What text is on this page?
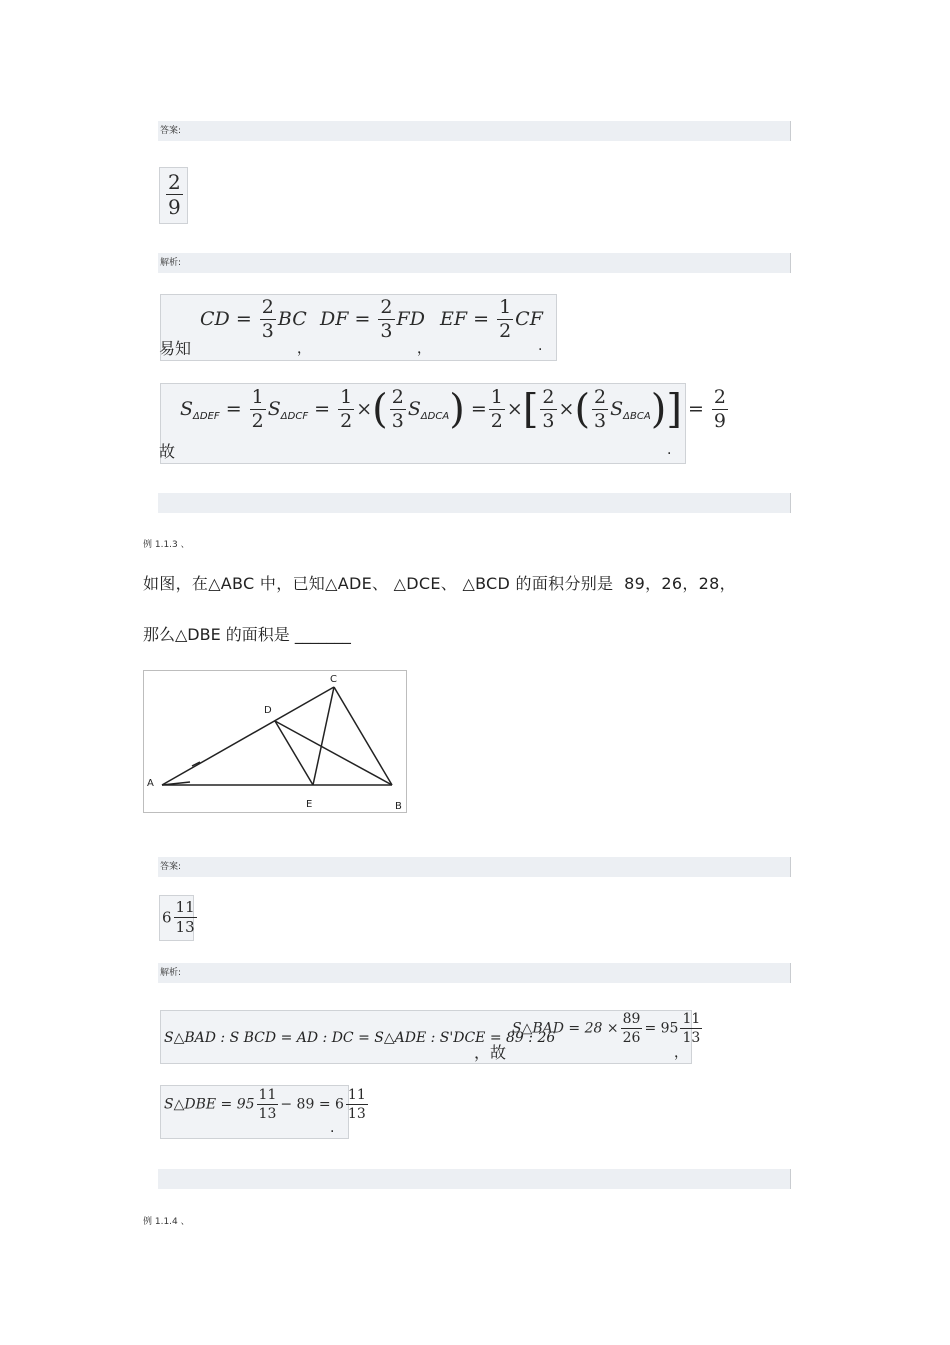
答案:
$\frac{2}{9}$
解析:
易知
CD = $\frac{2}{3}$ BC
，
DF = $\frac{2}{3}$ FD
，
EF = $\frac{1}{2}$ CF
.
故
$S_{\Delta DEF} = \frac{1}{2} S_{\Delta DCF} = \frac{1}{2}$ ×( $\frac{2}{3} S_{\Delta DCA}) = \frac{1}{2}$ ×[ $\frac{2}{3}$ ×( $\frac{2}{3} S_{\Delta BCA})] = \frac{2}{9}$
.
例 1.1.3 、
如图，在△ABC 中，已知△ADE、 △DCE、 △BCD 的面积分别是  89，26，28，
那么△DBE 的面积是 _______
A
B
C
D
E
答案:
$6 \frac{11}{13}$
解析:
S△BAD : S BCD = AD : DC = S△ADE : S'DCE = 89 : 26
，故
S△BAD = $28 \times \frac{89}{26} = 95 \frac{11}{13}$
，
S△DBE = $95 \frac{11}{13} - 89 = 6 \frac{11}{13}$
.
例 1.1.4 、
